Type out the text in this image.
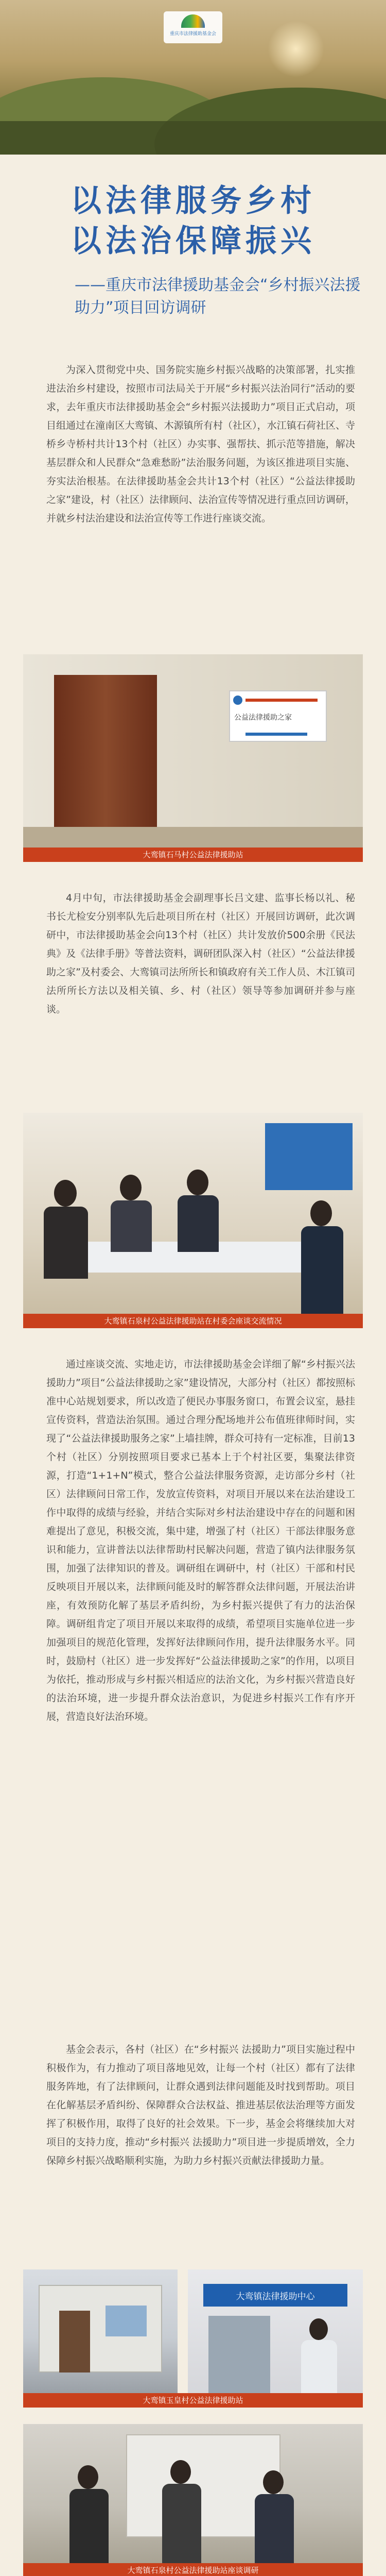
重庆市法律援助基金会
以法律服务乡村
以法治保障振兴
——重庆市法律援助基金会“乡村振兴法援助力”项目回访调研
为深入贯彻党中央、国务院实施乡村振兴战略的决策部署，扎实推进法治乡村建设，按照市司法局关于开展“乡村振兴法治同行”活动的要求，去年重庆市法律援助基金会“乡村振兴法援助力”项目正式启动，项目组通过在潼南区大鸾镇、木源镇所有村（社区），水江镇石荷社区、寺桥乡寺桥村共计13个村（社区）办实事、强帮扶、抓示范等措施，解决基层群众和人民群众“急难愁盼”法治服务问题，为该区推进项目实施、夯实法治根基。在法律援助基金会共计13个村（社区）“公益法律援助之家”建设，村（社区）法律顾问、法治宣传等情况进行重点回访调研，并就乡村法治建设和法治宣传等工作进行座谈交流。
公益法律援助之家
大鸾镇石马村公益法律援助站
4月中旬，市法律援助基金会副理事长吕文建、监事长杨以礼、秘书长尤检安分别率队先后赴项目所在村（社区）开展回访调研，此次调研中，市法律援助基金会向13个村（社区）共计发放价500余册《民法典》及《法律手册》等普法资料，调研团队深入村（社区）“公益法律援助之家”及村委会、大鸾镇司法所所长和镇政府有关工作人员、木江镇司法所所长方法以及相关镇、乡、村（社区）领导等参加调研并参与座谈。
大鸾镇石泉村公益法律援助站在村委会座谈交流情况
通过座谈交流、实地走访，市法律援助基金会详细了解“乡村振兴法援助力”项目“公益法律援助之家”建设情况，大部分村（社区）都按照标准中心站规划要求，所以改造了便民办事服务窗口，布置会议室，悬挂宣传资料，营造法治氛围。通过合理分配场地并公布值班律师时间，实现了“公益法律援助服务之家”上墙挂牌，群众可持有一定标准，目前13个村（社区）分别按照项目要求已基本上于个村社区要，集聚法律资源，打造“1+1+N”模式，整合公益法律服务资源，走访部分乡村（社区）法律顾问日常工作，发放宣传资料，对项目开展以来在法治建设工作中取得的成绩与经验，并结合实际对乡村法治建设中存在的问题和困难提出了意见，积极交流，集中建，增强了村（社区）干部法律服务意识和能力，宣讲普法以法律帮助村民解决问题，营造了镇内法律服务氛围，加强了法律知识的普及。调研组在调研中，村（社区）干部和村民反映项目开展以来，法律顾问能及时的解答群众法律问题，开展法治讲座，有效预防化解了基层矛盾纠纷，为乡村振兴提供了有力的法治保障。调研组肯定了项目开展以来取得的成绩，希望项目实施单位进一步加强项目的规范化管理，发挥好法律顾问作用，提升法律服务水平。同时，鼓励村（社区）进一步发挥好“公益法律援助之家”的作用，以项目为依托，推动形成与乡村振兴相适应的法治文化，为乡村振兴营造良好的法治环境，进一步提升群众法治意识，为促进乡村振兴工作有序开展，营造良好法治环境。
基金会表示，各村（社区）在“乡村振兴 法援助力”项目实施过程中积极作为，有力推动了项目落地见效，让每一个村（社区）都有了法律服务阵地，有了法律顾问，让群众遇到法律问题能及时找到帮助。项目在化解基层矛盾纠纷、保障群众合法权益、推进基层依法治理等方面发挥了积极作用，取得了良好的社会效果。下一步，基金会将继续加大对项目的支持力度，推动“乡村振兴 法援助力”项目进一步提质增效，全力保障乡村振兴战略顺利实施，为助力乡村振兴贡献法律援助力量。
大鸾镇法律援助中心
大鸾镇玉皇村公益法律援助站
大鸾镇石泉村公益法律援助站座谈调研
